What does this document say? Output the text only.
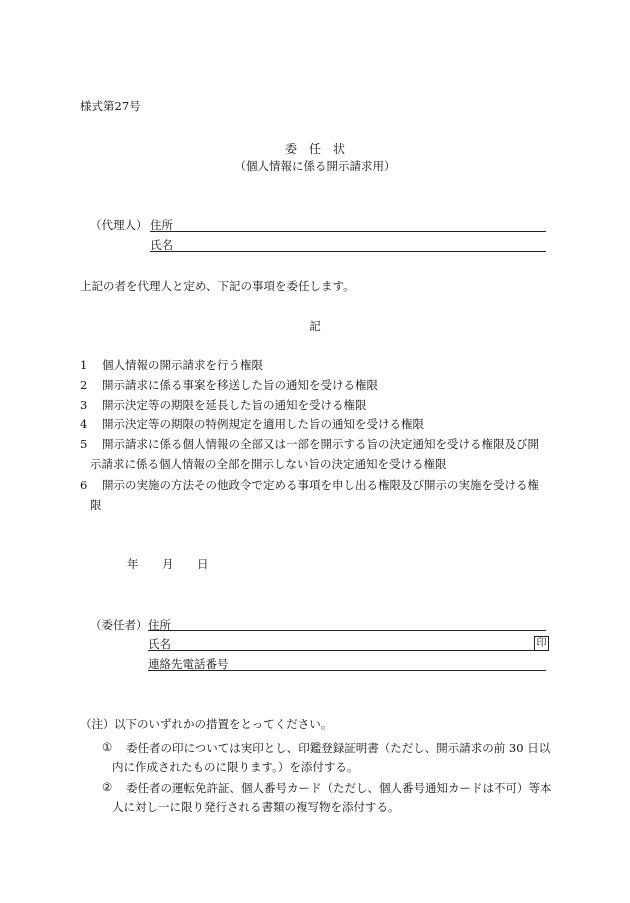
様式第27号
委　任　状
（個人情報に係る開示請求用）
（代理人） 住所
氏名
上記の者を代理人と定め、下記の事項を委任します。
記
1 個人情報の開示請求を行う権限
2 開示請求に係る事案を移送した旨の通知を受ける権限
3 開示決定等の期限を延長した旨の通知を受ける権限
4 開示決定等の期限の特例規定を適用した旨の通知を受ける権限
5 開示請求に係る個人情報の全部又は一部を開示する旨の決定通知を受ける権限及び開
示請求に係る個人情報の全部を開示しない旨の決定通知を受ける権限
6 開示の実施の方法その他政令で定める事項を申し出る権限及び開示の実施を受ける権
限
年 月 日
（委任者） 住所
氏名	印
連絡先電話番号
（注） 以下のいずれかの措置をとってください。
① 委任者の印については実印とし、印鑑登録証明書（ただし、開示請求の前 30 日以
内に作成されたものに限ります。）を添付する。
② 委任者の運転免許証、個人番号カード（ただし、個人番号通知カードは不可）等本
人に対し一に限り発行される書類の複写物を添付する。
